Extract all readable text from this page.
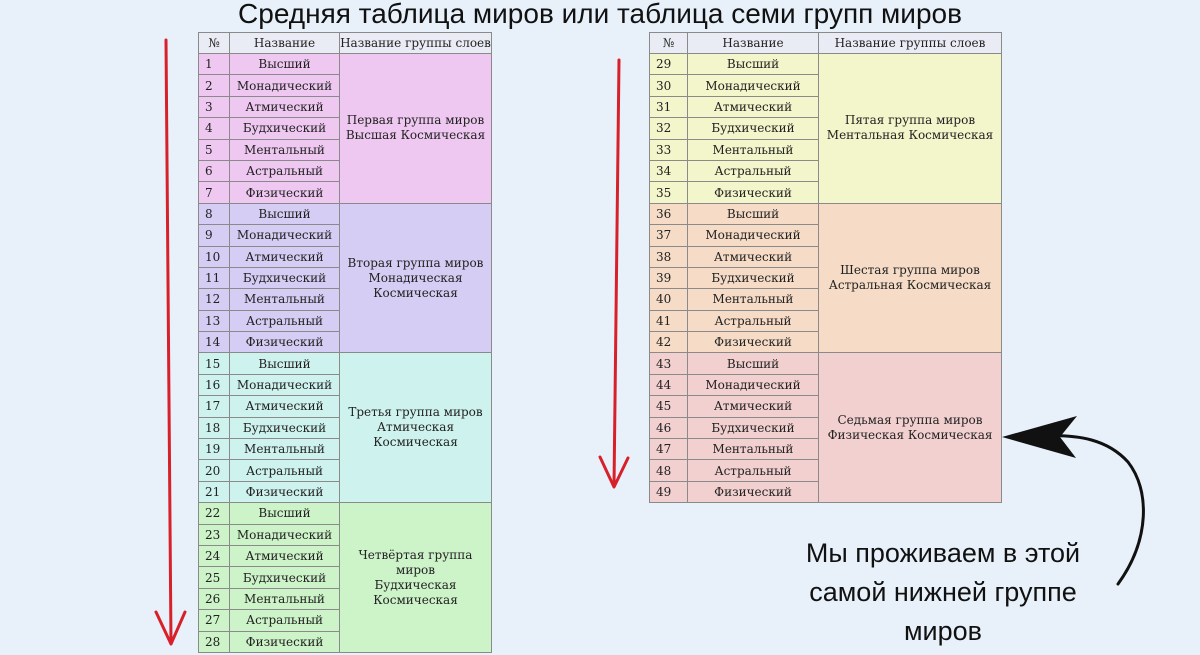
Средняя таблица миров или таблица семи групп миров
№	Название	Название группы слоев
1	Высший	Первая группа миров
Высшая Космическая

2	Монадический	
3	Атмический	
4	Будхический	
5	Ментальный	
6	Астральный	
7	Физический	
8	Высший	Вторая группа миров
Монадическая Космическая

9	Монадический	
10	Атмический	
11	Будхический	
12	Ментальный	
13	Астральный	
14	Физический	
15	Высший	Третья группа миров
Атмическая Космическая

16	Монадический	
17	Атмический	
18	Будхический	
19	Ментальный	
20	Астральный	
21	Физический	
22	Высший	Четвёртая группа миров
Будхическая Космическая

23	Монадический	
24	Атмический	
25	Будхический	
26	Ментальный	
27	Астральный	
28	Физический	
№	Название	Название группы слоев
29	Высший	Пятая группа миров
Ментальная Космическая

30	Монадический	
31	Атмический	
32	Будхический	
33	Ментальный	
34	Астральный	
35	Физический	
36	Высший	Шестая группа миров
Астральная Космическая

37	Монадический	
38	Атмический	
39	Будхический	
40	Ментальный	
41	Астральный	
42	Физический	
43	Высший	Седьмая группа миров
Физическая Космическая

44	Монадический	
45	Атмический	
46	Будхический	
47	Ментальный	
48	Астральный	
49	Физический	
Мы проживаем в этой самой нижней группе миров
